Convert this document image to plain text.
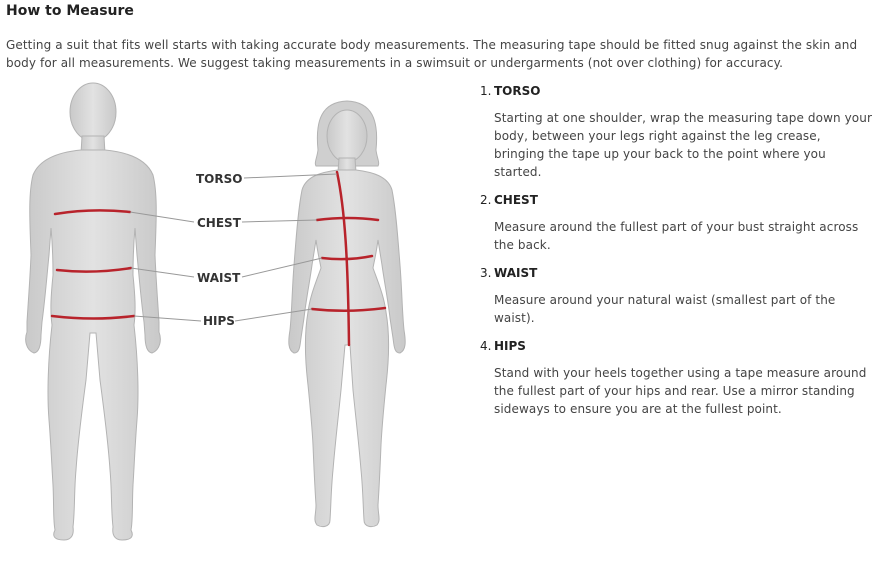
How to Measure

Getting a suit that fits well starts with taking accurate body measurements. The measuring tape should be fitted snug against the skin and body for all measurements. We suggest taking measurements in a swimsuit or undergarments (not over clothing) for accuracy.

TORSO
CHEST
WAIST
HIPS
1. TORSO

Starting at one shoulder, wrap the measuring tape down your body, between your legs right against the leg crease, bringing the tape up your back to the point where you started.

2. CHEST

Measure around the fullest part of your bust straight across the back.

3. WAIST

Measure around your natural waist (smallest part of the waist).

4. HIPS

Stand with your heels together using a tape measure around the fullest part of your hips and rear. Use a mirror standing sideways to ensure you are at the fullest point.
